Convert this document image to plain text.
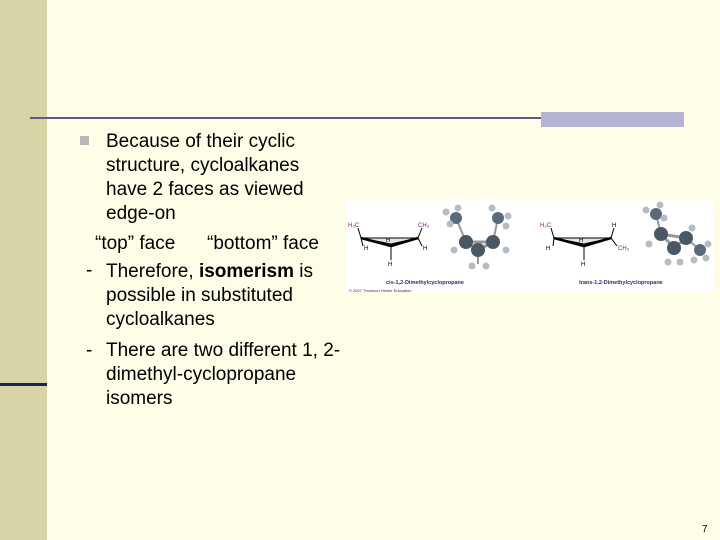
Because of their cyclic
structure, cycloalkanes
have 2 faces as viewed
edge-on
“top” face “bottom” face
- Therefore, isomerism is
possible in substituted
cycloalkanes
- There are two different 1, 2-
dimethyl-cyclopropane
isomers
H₃C	CH₃
H
H	H
H
cis-1,2-Dimethylcyclopropane
© 2007 Thomson Higher Education
H₃C
CH₃
H
H
H
H
trans-1,2-Dimethylcyclopropane
7
